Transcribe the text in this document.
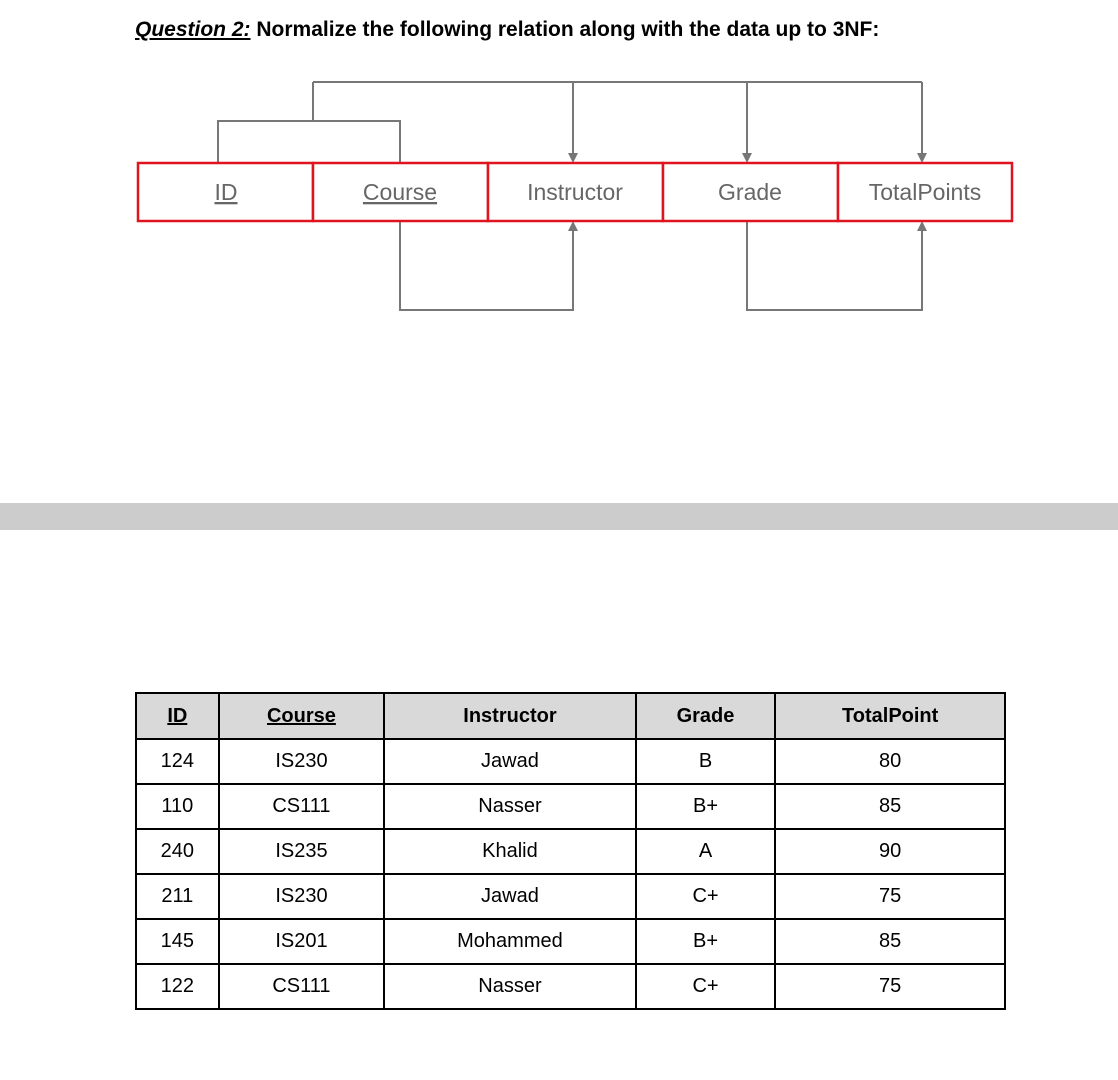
Question 2: Normalize the following relation along with the data up to 3NF:
ID	Course	Instructor	Grade	TotalPoints
ID	Course	Instructor	Grade	TotalPoint
124	IS230	Jawad	B	80
110	CS111	Nasser	B+	85
240	IS235	Khalid	A	90
211	IS230	Jawad	C+	75
145	IS201	Mohammed	B+	85
122	CS111	Nasser	C+	75
